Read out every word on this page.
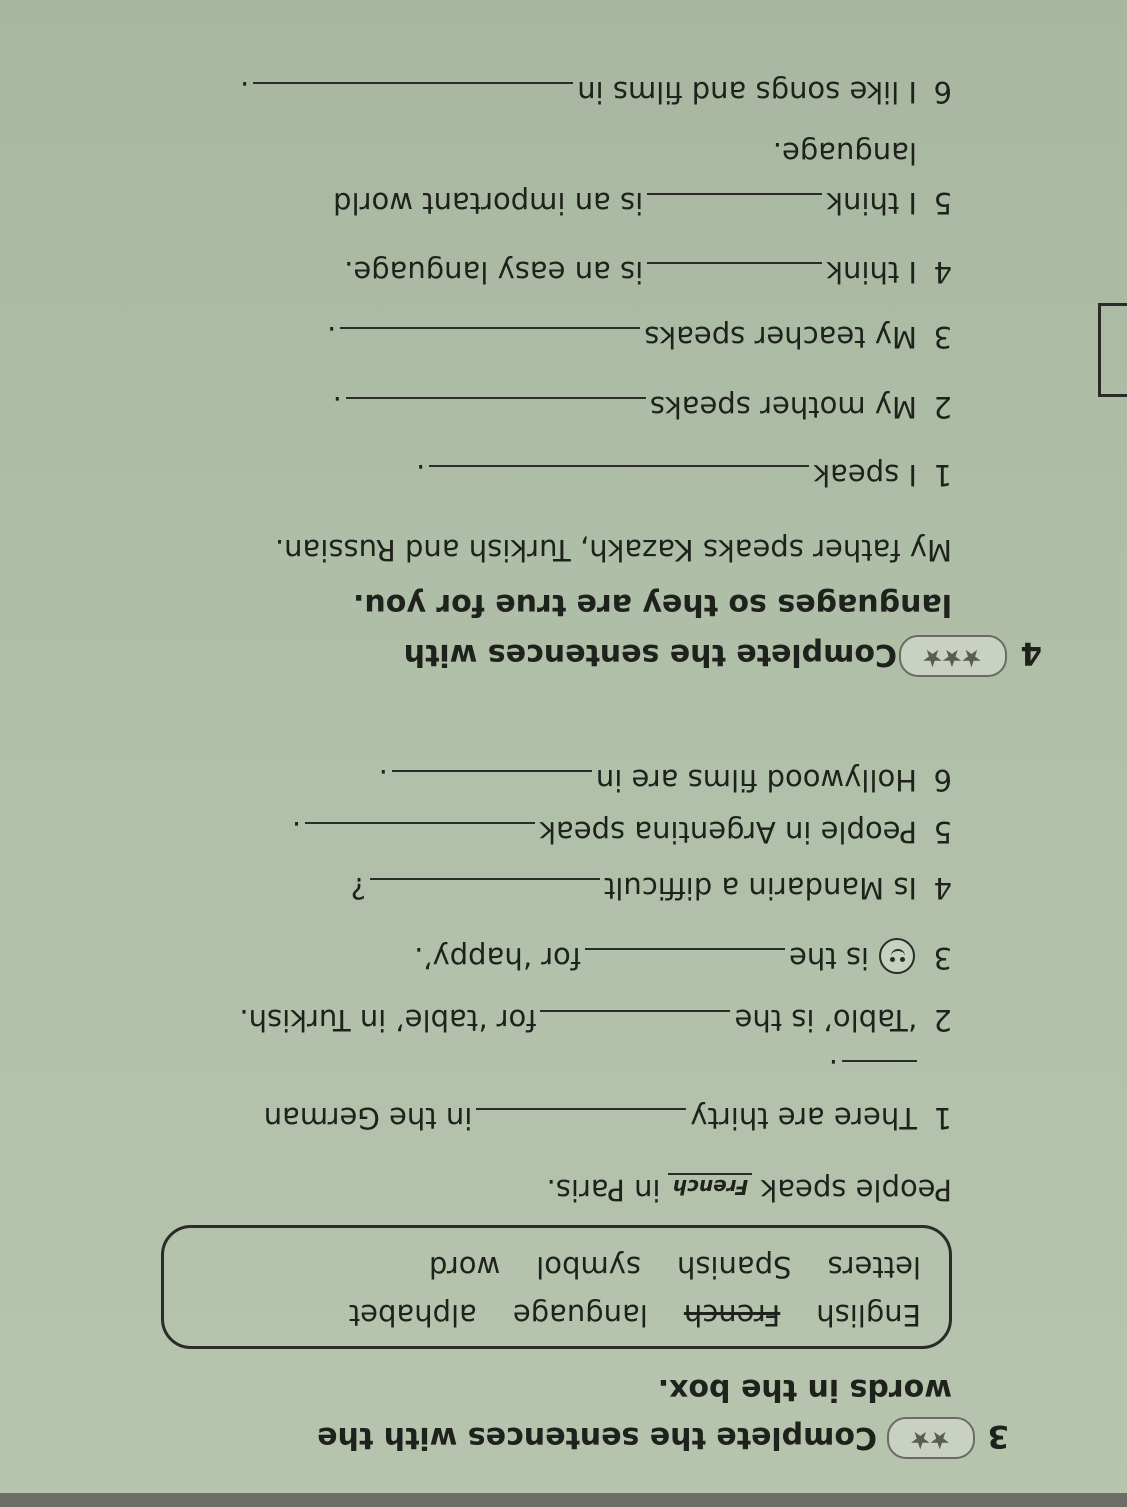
3
★★
Complete the sentences with the
words in the box.
EnglishFrenchlanguagealphabet
lettersSpanishsymbolword
People speakFrenchin Paris.
1
There are thirtyin the German
.
2
‘Tablo’ is thefor ‘table’ in Turkish.
3
is thefor ‘happy’.
4
Is Mandarin a difficult?
5
People in Argentina speak.
6
Hollywood films are in.
4
★★★
Complete the sentences with
languages so they are true for you.
My father speaks Kazakh, Turkish and Russian.
1
I speak.
2
My mother speaks.
3
My teacher speaks.
4
I thinkis an easy language.
5
I thinkis an important world
language.
6
I like songs and films in.
